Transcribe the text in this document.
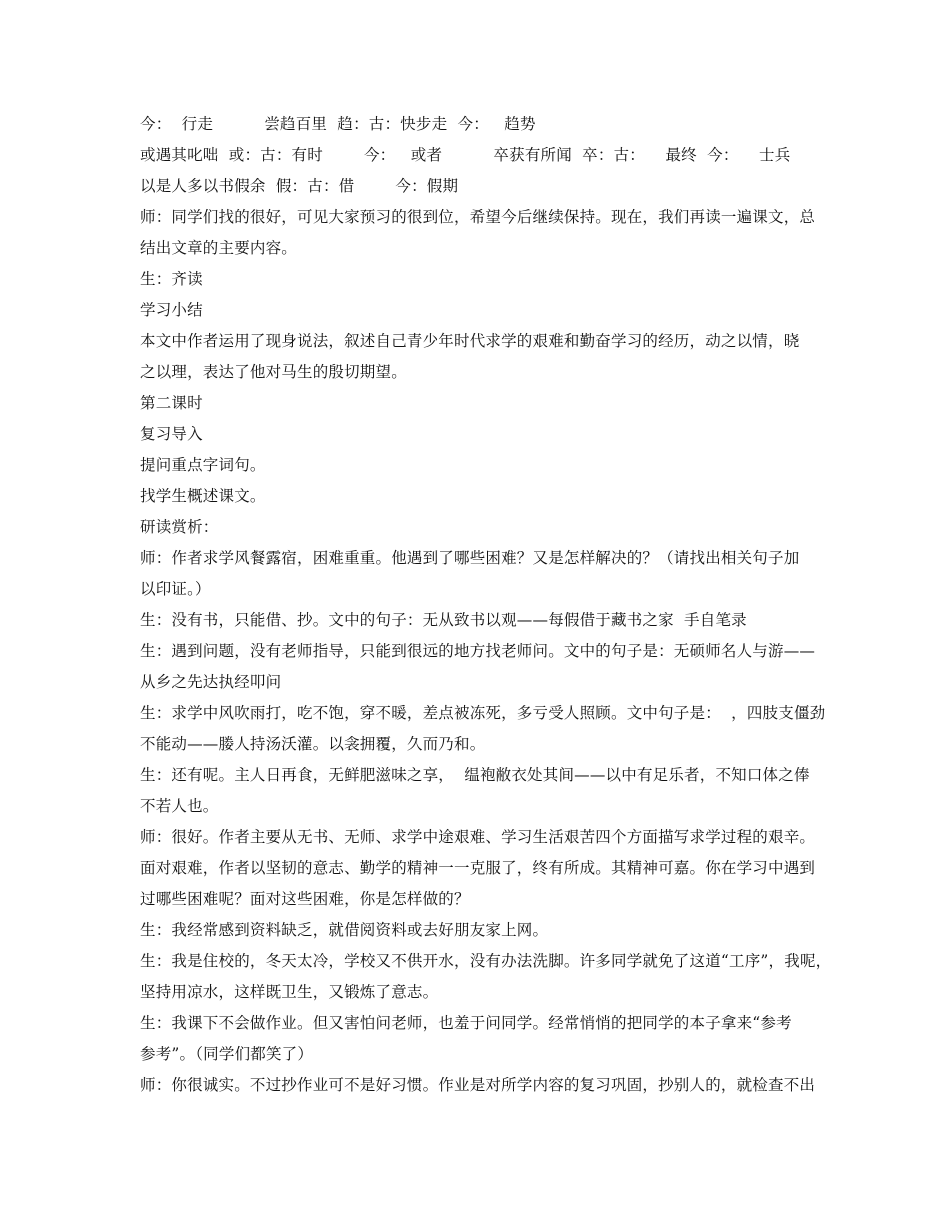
今：  行走          尝趋百里  趋：古：快步走  今：   趋势

或遇其叱咄  或：古：有时        今：   或者          卒获有所闻  卒：古：    最终  今：    士兵

以是人多以书假余  假：古：借        今：假期

师：同学们找的很好，可见大家预习的很到位，希望今后继续保持。现在，我们再读一遍课文，总

结出文章的主要内容。

生：齐读

学习小结

本文中作者运用了现身说法，叙述自己青少年时代求学的艰难和勤奋学习的经历，动之以情，晓

之以理，表达了他对马生的殷切期望。

第二课时

复习导入

提问重点字词句。

找学生概述课文。

研读赏析：

师：作者求学风餐露宿，困难重重。他遇到了哪些困难？又是怎样解决的？（请找出相关句子加

以印证。）

生：没有书，只能借、抄。文中的句子：无从致书以观——每假借于藏书之家  手自笔录

生：遇到问题，没有老师指导，只能到很远的地方找老师问。文中的句子是：无硕师名人与游——

从乡之先达执经叩问

生：求学中风吹雨打，吃不饱，穿不暖，差点被冻死，多亏受人照顾。文中句子是：  ，四肢支僵劲

不能动——媵人持汤沃灌。以衾拥覆，久而乃和。

生：还有呢。主人日再食，无鲜肥滋味之享，  缊袍敝衣处其间——以中有足乐者，不知口体之俸

不若人也。

师：很好。作者主要从无书、无师、求学中途艰难、学习生活艰苦四个方面描写求学过程的艰辛。

面对艰难，作者以坚韧的意志、勤学的精神一一克服了，终有所成。其精神可嘉。你在学习中遇到

过哪些困难呢？面对这些困难，你是怎样做的？

生：我经常感到资料缺乏，就借阅资料或去好朋友家上网。

生：我是住校的，冬天太冷，学校又不供开水，没有办法洗脚。许多同学就免了这道“工序”，我呢，

坚持用凉水，这样既卫生，又锻炼了意志。

生：我课下不会做作业。但又害怕问老师，也羞于问同学。经常悄悄的把同学的本子拿来“参考

参考”。（同学们都笑了）

师：你很诚实。不过抄作业可不是好习惯。作业是对所学内容的复习巩固，抄别人的，就检查不出
